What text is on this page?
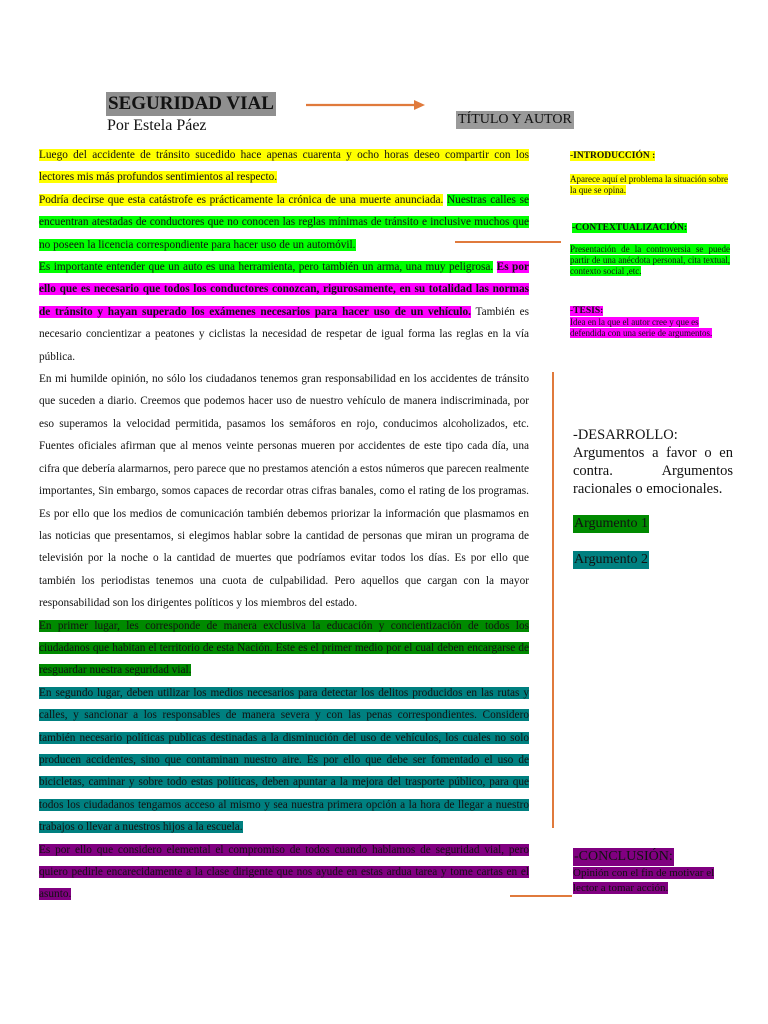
SEGURIDAD VIAL
Por Estela Páez	TÍTULO Y AUTOR

Luego del accidente de tránsito sucedido hace apenas cuarenta y ocho horas deseo compartir con los lectores mis más profundos sentimientos al respecto.

Podría decirse que esta catástrofe es prácticamente la crónica de una muerte anunciada. Nuestras calles se encuentran atestadas de conductores que no conocen las reglas mínimas de tránsito e inclusive muchos que no poseen la licencia correspondiente para hacer uso de un automóvil.

Es importante entender que un auto es una herramienta, pero también un arma, una muy peligrosa. Es por ello que es necesario que todos los conductores conozcan, rigurosamente, en su totalidad las normas de tránsito y hayan superado los exámenes necesarios para hacer uso de un vehículo. También es necesario concientizar a peatones y ciclistas la necesidad de respetar de igual forma las reglas en la vía pública.

En mi humilde opinión, no sólo los ciudadanos tenemos gran responsabilidad en los accidentes de tránsito que suceden a diario. Creemos que podemos hacer uso de nuestro vehículo de manera indiscriminada, por eso superamos la velocidad permitida, pasamos los semáforos en rojo, conducimos alcoholizados, etc. Fuentes oficiales afirman que al menos veinte personas mueren por accidentes de este tipo cada día, una cifra que debería alarmarnos, pero parece que no prestamos atención a estos números que parecen realmente importantes, Sin embargo, somos capaces de recordar otras cifras banales, como el rating de los programas. Es por ello que los medios de comunicación también debemos priorizar la información que plasmamos en las noticias que presentamos, si elegimos hablar sobre la cantidad de personas que miran un programa de televisión por la noche o la cantidad de muertes que podríamos evitar todos los días. Es por ello que también los periodistas tenemos una cuota de culpabilidad. Pero aquellos que cargan con la mayor responsabilidad son los dirigentes políticos y los miembros del estado.

En primer lugar, les corresponde de manera exclusiva la educación y concientización de todos los ciudadanos que habitan el territorio de esta Nación. Este es el primer medio por el cual deben encargarse de resguardar nuestra seguridad vial.

En segundo lugar, deben utilizar los medios necesarios para detectar los delitos producidos en las rutas y calles, y sancionar a los responsables de manera severa y con las penas correspondientes. Considero también necesario políticas publicas destinadas a la disminución del uso de vehículos, los cuales no solo producen accidentes, sino que contaminan nuestro aire. Es por ello que debe ser fomentado el uso de bicicletas, caminar y sobre todo estas políticas, deben apuntar a la mejora del trasporte público, para que todos los ciudadanos tengamos acceso al mismo y sea nuestra primera opción a la hora de llegar a nuestro trabajos o llevar a nuestros hijos a la escuela.

Es por ello que considero elemental el compromiso de todos cuando hablamos de seguridad vial, pero quiero pedirle encarecidamente a la clase dirigente que nos ayude en estas ardua tarea y tome cartas en el asunto.

-INTRODUCCIÓN :
Aparece aquí el problema la situación sobre la que se opina.
-CONTEXTUALIZACIÓN:
Presentación de la controversia se puede partir de una anécdota personal, cita textual, contexto social ,etc.
-TESIS:
Idea en la que el autor cree y que es defendida con una serie de argumentos.
-DESARROLLO: Argumentos a favor o en contra. Argumentos racionales o emocionales.
Argumento 1
Argumento 2
-CONCLUSIÓN:
Opinión con el fin de motivar el lector a tomar acción.
